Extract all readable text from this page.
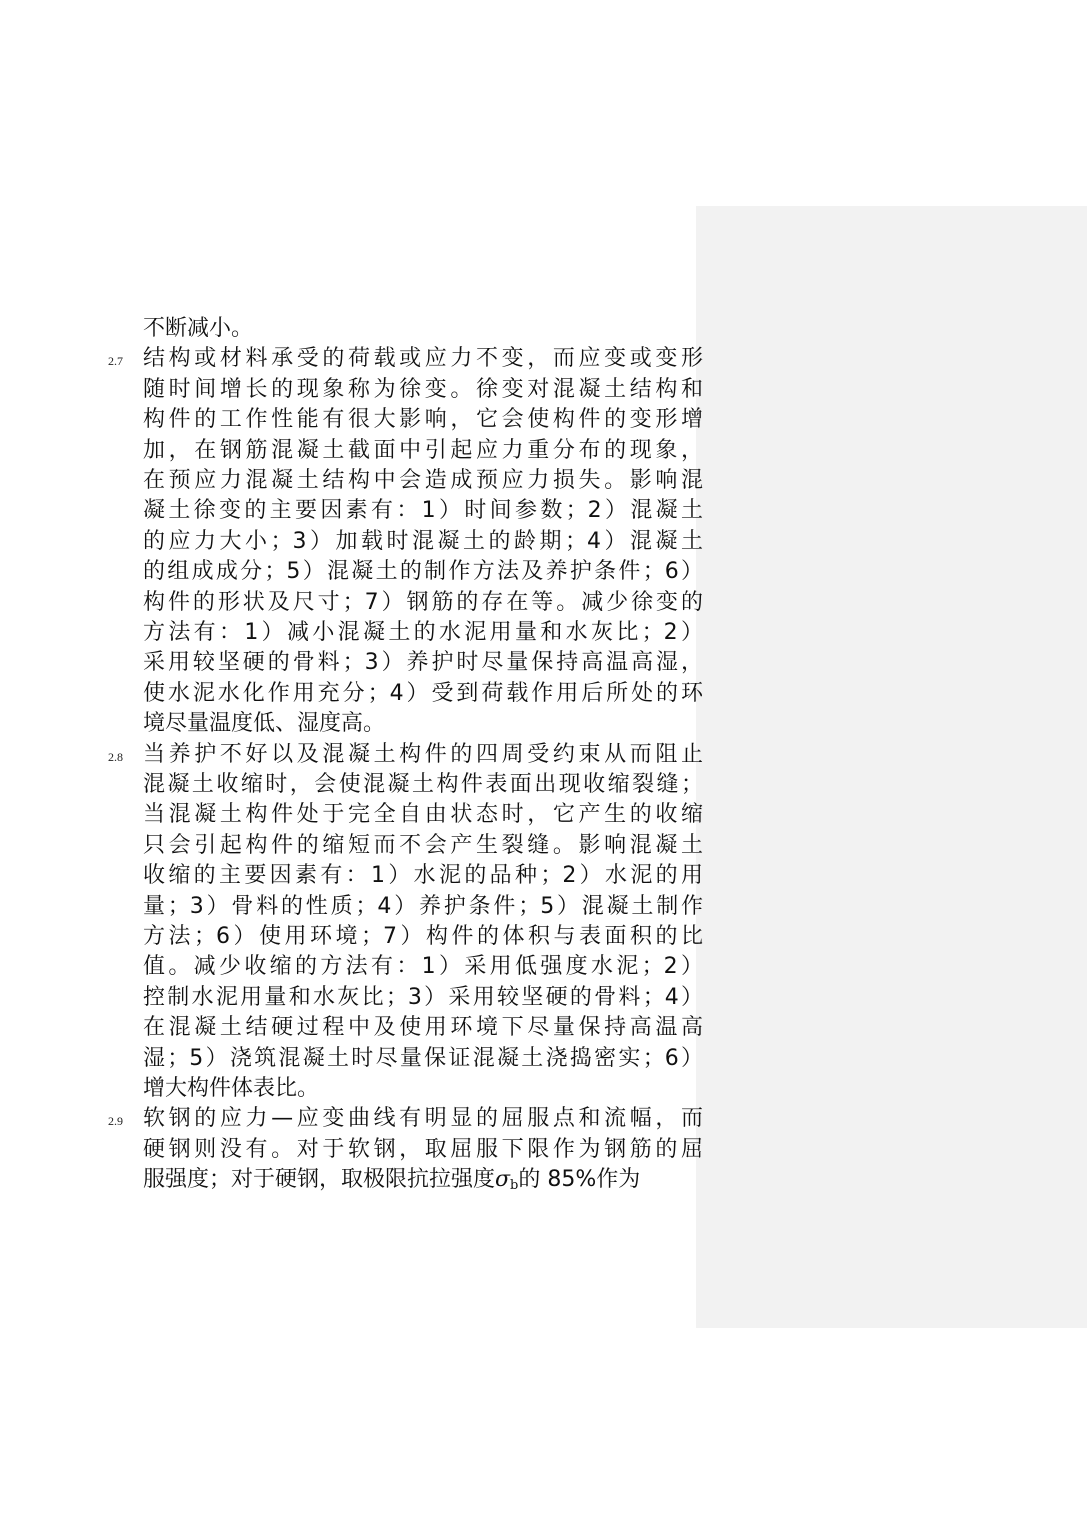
不断减小。
2.7 结构或材料承受的荷载或应力不变，而应变或变形
随时间增长的现象称为徐变。徐变对混凝土结构和
构件的工作性能有很大影响，它会使构件的变形增
加，在钢筋混凝土截面中引起应力重分布的现象，
在预应力混凝土结构中会造成预应力损失。影响混
凝土徐变的主要因素有：1）时间参数；2）混凝土
的应力大小；3）加载时混凝土的龄期；4）混凝土
的组成成分；5）混凝土的制作方法及养护条件；6）
构件的形状及尺寸；7）钢筋的存在等。减少徐变的
方法有：1）减小混凝土的水泥用量和水灰比；2）
采用较坚硬的骨料；3）养护时尽量保持高温高湿，
使水泥水化作用充分；4）受到荷载作用后所处的环
境尽量温度低、湿度高。
2.8 当养护不好以及混凝土构件的四周受约束从而阻止
混凝土收缩时，会使混凝土构件表面出现收缩裂缝；
当混凝土构件处于完全自由状态时，它产生的收缩
只会引起构件的缩短而不会产生裂缝。影响混凝土
收缩的主要因素有：1）水泥的品种；2）水泥的用
量；3）骨料的性质；4）养护条件；5）混凝土制作
方法；6）使用环境；7）构件的体积与表面积的比
值。减少收缩的方法有：1）采用低强度水泥；2）
控制水泥用量和水灰比；3）采用较坚硬的骨料；4）
在混凝土结硬过程中及使用环境下尽量保持高温高
湿；5）浇筑混凝土时尽量保证混凝土浇捣密实；6）
增大构件体表比。
2.9 软钢的应力—应变曲线有明显的屈服点和流幅，而
硬钢则没有。对于软钢，取屈服下限作为钢筋的屈
服强度；对于硬钢，取极限抗拉强度$\sigma_b$的 85%作为
